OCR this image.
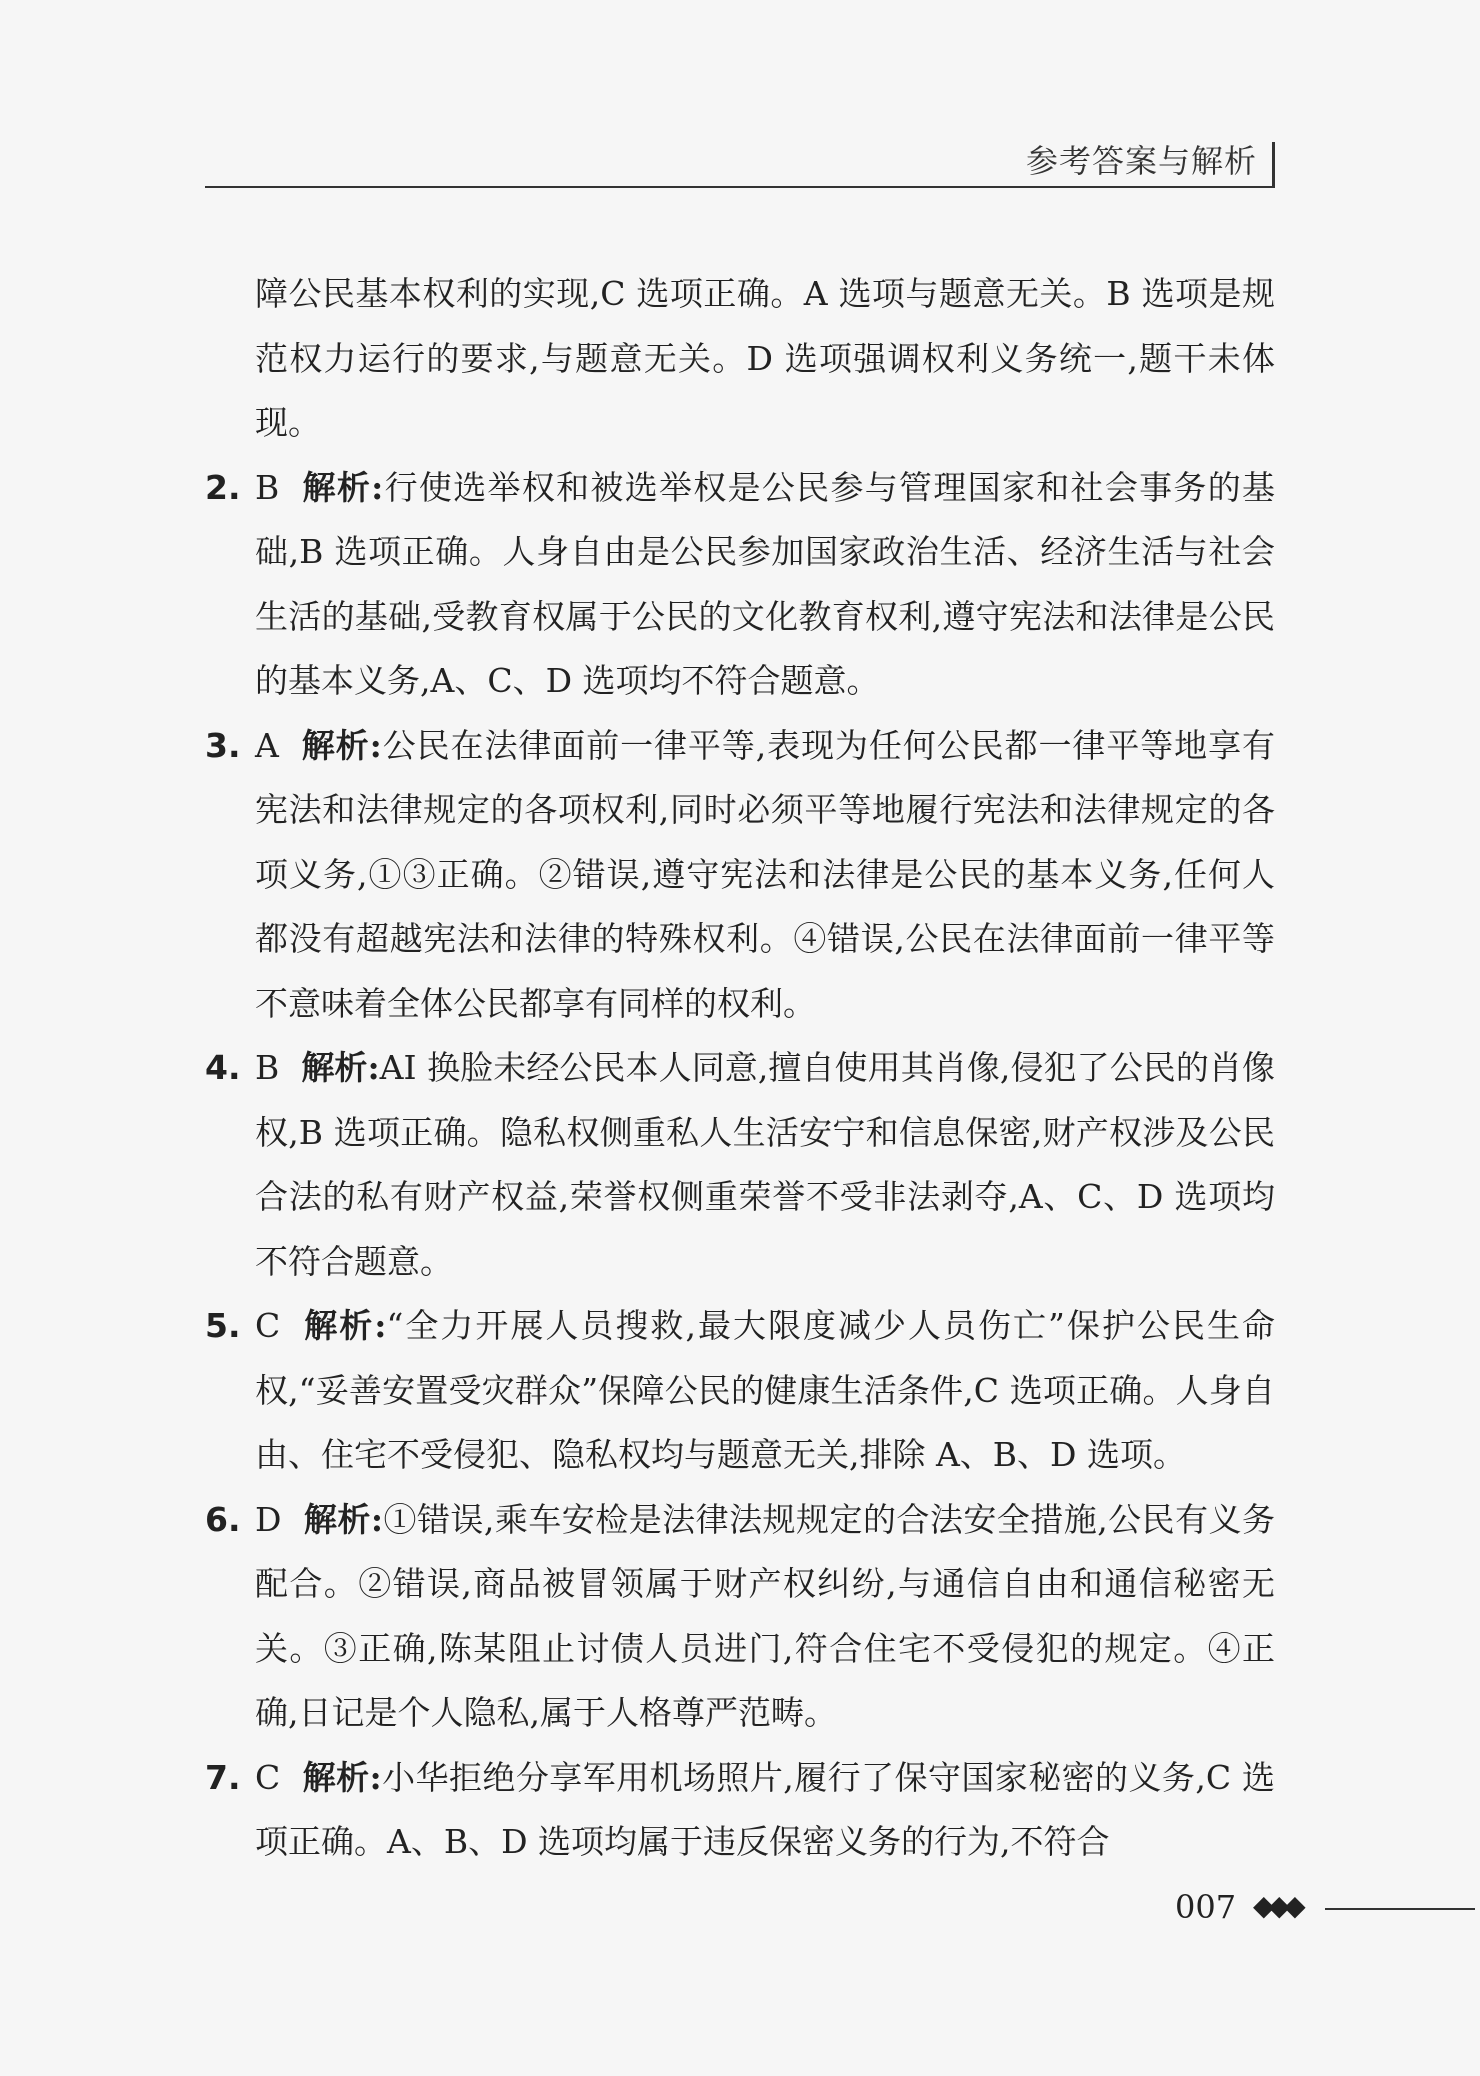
参考答案与解析
障公民基本权利的实现,C 选项正确。A 选项与题意无关。B 选项是规范权力运行的要求,与题意无关。D 选项强调权利义务统一,题干未体现。
2. B 解析:行使选举权和被选举权是公民参与管理国家和社会事务的基础,B 选项正确。人身自由是公民参加国家政治生活、经济生活与社会生活的基础,受教育权属于公民的文化教育权利,遵守宪法和法律是公民的基本义务,A、C、D 选项均不符合题意。
3. A 解析:公民在法律面前一律平等,表现为任何公民都一律平等地享有宪法和法律规定的各项权利,同时必须平等地履行宪法和法律规定的各项义务,①③正确。②错误,遵守宪法和法律是公民的基本义务,任何人都没有超越宪法和法律的特殊权利。④错误,公民在法律面前一律平等不意味着全体公民都享有同样的权利。
4. B 解析:AI 换脸未经公民本人同意,擅自使用其肖像,侵犯了公民的肖像权,B 选项正确。隐私权侧重私人生活安宁和信息保密,财产权涉及公民合法的私有财产权益,荣誉权侧重荣誉不受非法剥夺,A、C、D 选项均不符合题意。
5. C 解析:“全力开展人员搜救,最大限度减少人员伤亡”保护公民生命权,“妥善安置受灾群众”保障公民的健康生活条件,C 选项正确。人身自由、住宅不受侵犯、隐私权均与题意无关,排除 A、B、D 选项。
6. D 解析:①错误,乘车安检是法律法规规定的合法安全措施,公民有义务配合。②错误,商品被冒领属于财产权纠纷,与通信自由和通信秘密无关。③正确,陈某阻止讨债人员进门,符合住宅不受侵犯的规定。④正确,日记是个人隐私,属于人格尊严范畴。
7. C 解析:小华拒绝分享军用机场照片,履行了保守国家秘密的义务,C 选项正确。A、B、D 选项均属于违反保密义务的行为,不符合
007 ◆◆◆
